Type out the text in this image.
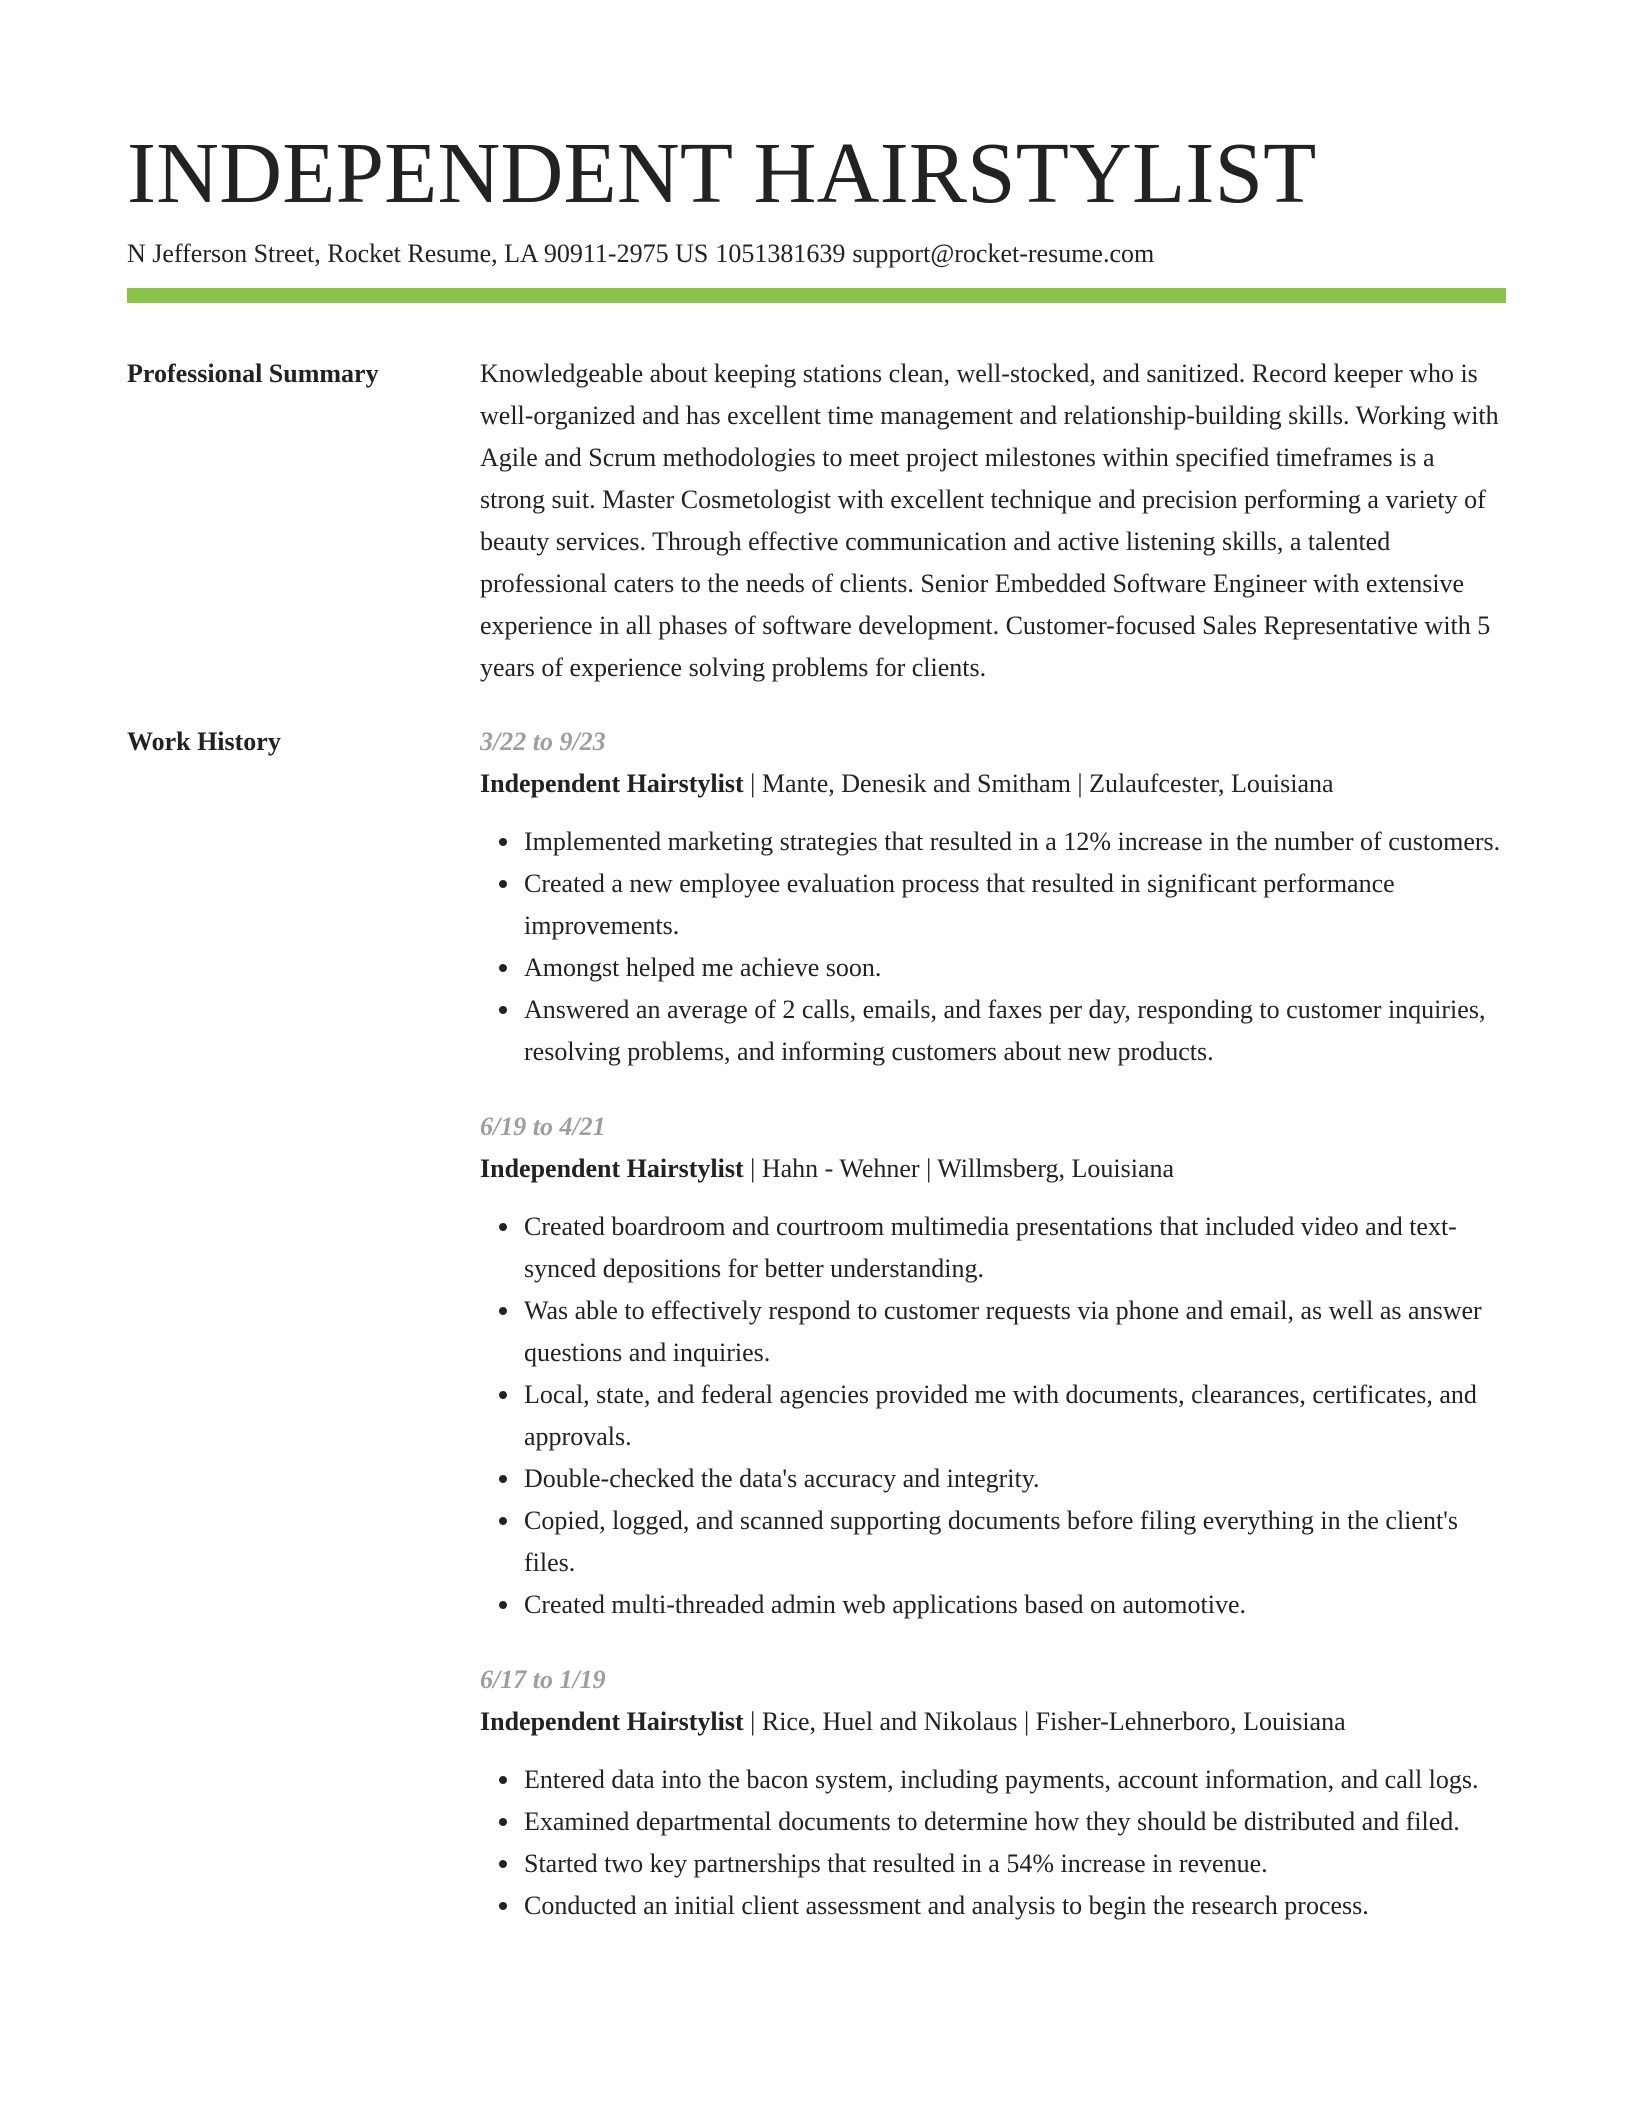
INDEPENDENT HAIRSTYLIST
N Jefferson Street, Rocket Resume, LA 90911-2975 US 1051381639 support@rocket-resume.com
Professional Summary	Knowledgeable about keeping stations clean, well-stocked, and sanitized. Record keeper who is well-organized and has excellent time management and relationship-building skills. Working with Agile and Scrum methodologies to meet project milestones within specified timeframes is a strong suit. Master Cosmetologist with excellent technique and precision performing a variety of beauty services. Through effective communication and active listening skills, a talented professional caters to the needs of clients. Senior Embedded Software Engineer with extensive experience in all phases of software development. Customer-focused Sales Representative with 5 years of experience solving problems for clients.

Work History	3/22 to 9/23
Independent Hairstylist | Mante, Denesik and Smitham | Zulaufcester, Louisiana
Implemented marketing strategies that resulted in a 12% increase in the number of customers.
Created a new employee evaluation process that resulted in significant performance improvements.
Amongst helped me achieve soon.
Answered an average of 2 calls, emails, and faxes per day, responding to customer inquiries, resolving problems, and informing customers about new products.
6/19 to 4/21
Independent Hairstylist | Hahn - Wehner | Willmsberg, Louisiana
Created boardroom and courtroom multimedia presentations that included video and text-synced depositions for better understanding.
Was able to effectively respond to customer requests via phone and email, as well as answer questions and inquiries.
Local, state, and federal agencies provided me with documents, clearances, certificates, and approvals.
Double-checked the data's accuracy and integrity.
Copied, logged, and scanned supporting documents before filing everything in the client's files.
Created multi-threaded admin web applications based on automotive.
6/17 to 1/19
Independent Hairstylist | Rice, Huel and Nikolaus | Fisher-Lehnerboro, Louisiana
Entered data into the bacon system, including payments, account information, and call logs.
Examined departmental documents to determine how they should be distributed and filed.
Started two key partnerships that resulted in a 54% increase in revenue.
Conducted an initial client assessment and analysis to begin the research process.
